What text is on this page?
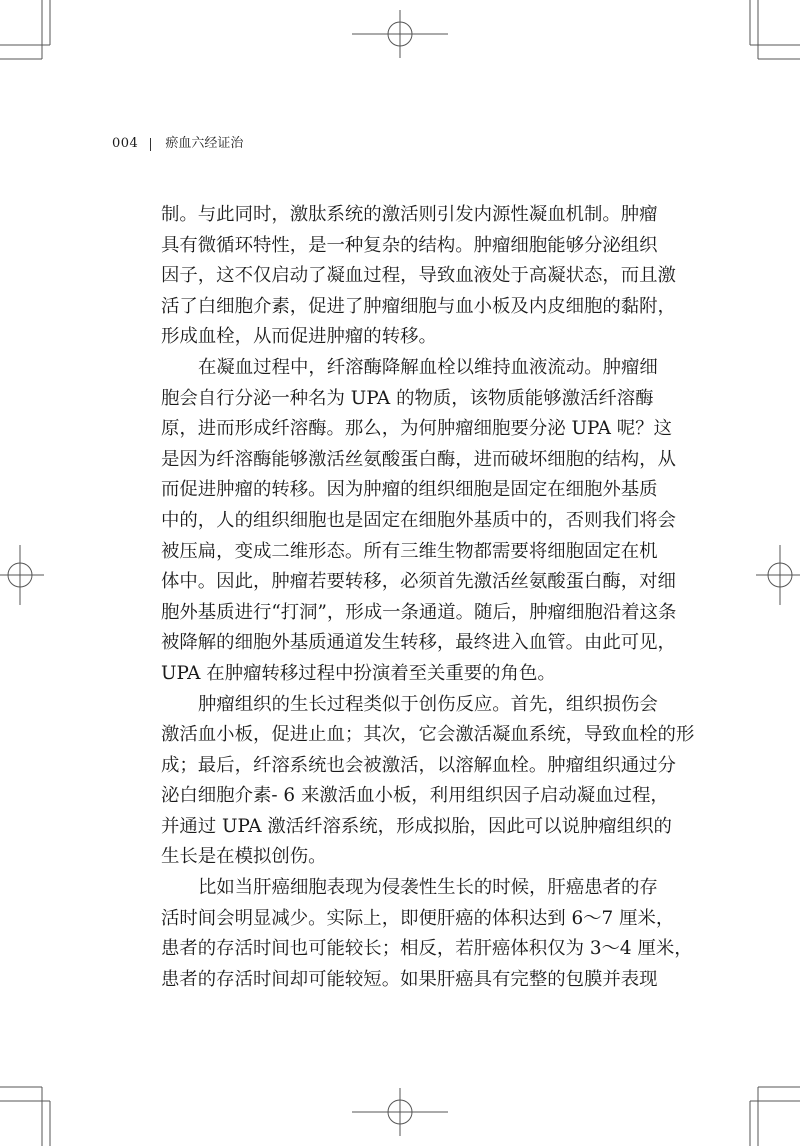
004 瘀血六经证治
制。与此同时，激肽系统的激活则引发内源性凝血机制。肿瘤
具有微循环特性，是一种复杂的结构。肿瘤细胞能够分泌组织
因子，这不仅启动了凝血过程，导致血液处于高凝状态，而且激
活了白细胞介素，促进了肿瘤细胞与血小板及内皮细胞的黏附，
形成血栓，从而促进肿瘤的转移。
在凝血过程中，纤溶酶降解血栓以维持血液流动。肿瘤细
胞会自行分泌一种名为 UPA 的物质，该物质能够激活纤溶酶
原，进而形成纤溶酶。那么，为何肿瘤细胞要分泌 UPA 呢？这
是因为纤溶酶能够激活丝氨酸蛋白酶，进而破坏细胞的结构，从
而促进肿瘤的转移。因为肿瘤的组织细胞是固定在细胞外基质
中的，人的组织细胞也是固定在细胞外基质中的，否则我们将会
被压扁，变成二维形态。所有三维生物都需要将细胞固定在机
体中。因此，肿瘤若要转移，必须首先激活丝氨酸蛋白酶，对细
胞外基质进行“打洞”，形成一条通道。随后，肿瘤细胞沿着这条
被降解的细胞外基质通道发生转移，最终进入血管。由此可见，
UPA 在肿瘤转移过程中扮演着至关重要的角色。
肿瘤组织的生长过程类似于创伤反应。首先，组织损伤会
激活血小板，促进止血；其次，它会激活凝血系统，导致血栓的形
成；最后，纤溶系统也会被激活，以溶解血栓。肿瘤组织通过分
泌白细胞介素- 6 来激活血小板，利用组织因子启动凝血过程，
并通过 UPA 激活纤溶系统，形成拟胎，因此可以说肿瘤组织的
生长是在模拟创伤。
比如当肝癌细胞表现为侵袭性生长的时候，肝癌患者的存
活时间会明显减少。实际上，即便肝癌的体积达到 6～7 厘米，
患者的存活时间也可能较长；相反，若肝癌体积仅为 3～4 厘米，
患者的存活时间却可能较短。如果肝癌具有完整的包膜并表现
